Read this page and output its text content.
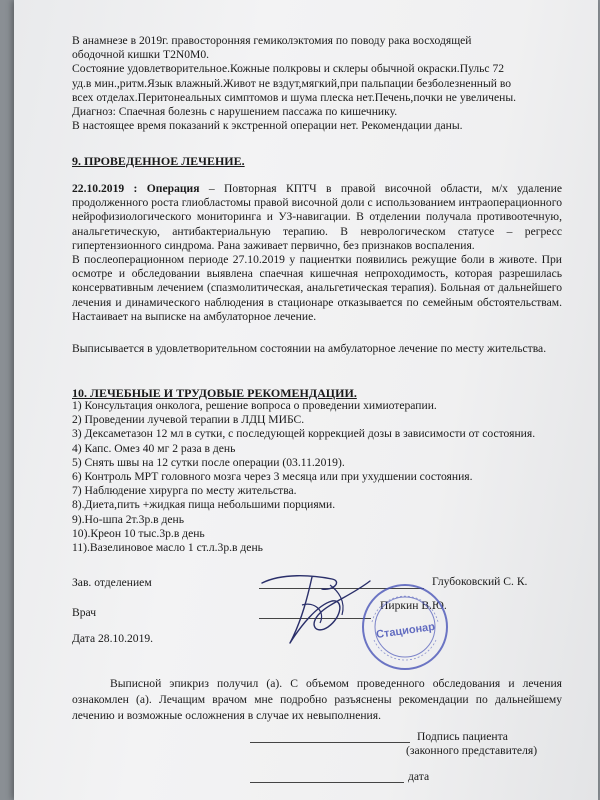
В анамнезе в 2019г. правосторонняя гемиколэктомия по поводу рака восходящей

ободочной кишки T2N0M0.

Состояние удовлетворительное.Кожные полкровы и склеры обычной окраски.Пульс 72

уд.в мин.,ритм.Язык влажный.Живот не вздут,мягкий,при пальпации безболезненный во

всех отделах.Перитонеальных симптомов и шума плеска нет.Печень,почки не увеличены.

Диагноз: Спаечная болезнь с нарушением пассажа по кишечнику.

В настоящее время показаний к экстренной операции нет. Рекомендации даны.

9. ПРОВЕДЕННОЕ ЛЕЧЕНИЕ.

22.10.2019 : Операция – Повторная КПТЧ в правой височной области, м/х удаление продолженного роста глиобластомы правой височной доли с использованием интраоперационного нейрофизиологического мониторинга и УЗ-навигации. В отделении получала противоотечную, анальгетическую, антибактериальную терапию. В неврологическом статусе – регресс гипертензионного синдрома. Рана заживает первично, без признаков воспаления.

В послеоперационном периоде 27.10.2019 у пациентки появились режущие боли в животе. При осмотре и обследовании выявлена спаечная кишечная непроходимость, которая разрешилась консервативным лечением (спазмолитическая, анальгетическая терапия). Больная от дальнейшего лечения и динамического наблюдения в стационаре отказывается по семейным обстоятельствам. Настаивает на выписке на амбулаторное лечение.

Выписывается в удовлетворительном состоянии на амбулаторное лечение по месту жительства.
10. ЛЕЧЕБНЫЕ И ТРУДОВЫЕ РЕКОМЕНДАЦИИ.

1) Консультация онколога, решение вопроса о проведении химиотерапии.

2) Проведении лучевой терапии в ЛДЦ МИБС.

3) Дексаметазон 12 мл в сутки, с последующей коррекцией дозы в зависимости от состояния.

4) Капс. Омез 40 мг 2 раза в день

5) Снять швы на 12 сутки после операции (03.11.2019).

6) Контроль МРТ головного мозга через 3 месяца или при ухудшении состояния.

7) Наблюдение хирурга по месту жительства.

8).Диета,пить +жидкая пища небольшими порциями.

9).Но-шпа 2т.3р.в день

10).Креон 10 тыс.3р.в день

11).Вазелиновое масло 1 ст.л.3р.в день

Зав. отделением	Глубоковский С. К.
Врач
Пиркин В.Ю.
Дата 28.10.2019.	Стационар
Выписной эпикриз получил (а). С объемом проведенного обследования и лечения ознакомлен (а). Лечащим врачом мне подробно разъяснены рекомендации по дальнейшему лечению и возможные осложнения в случае их невыполнения.
Подпись пациента
(законного представителя)
дата
